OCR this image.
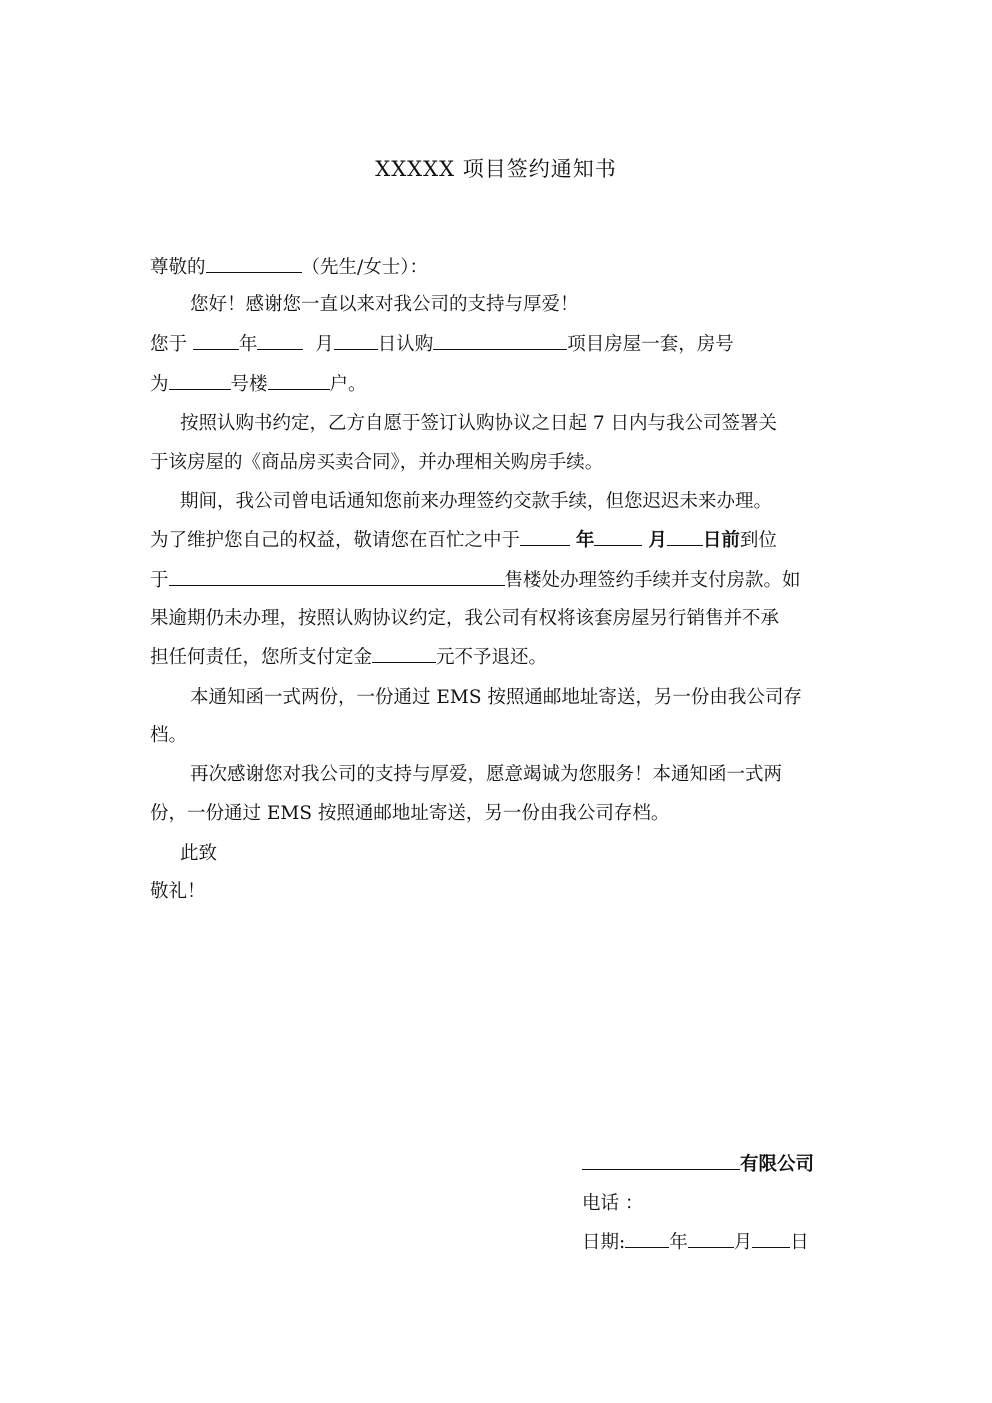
XXXXX 项目签约通知书
尊敬的	（先生/女士）：
您好！感谢您一直以来对我公司的支持与厚爱！
您于	年	月 日认购	项目房屋一套，房号
为	号楼	户。
按照认购书约定，乙方自愿于签订认购协议之日起 7 日内与我公司签署关
于该房屋的《商品房买卖合同》，并办理相关购房手续。
期间，我公司曾电话通知您前来办理签约交款手续，但您迟迟未来办理。
为了维护您自己的权益，敬请您在百忙之中于	年	月 日前到位
于	售楼处办理签约手续并支付房款。如
果逾期仍未办理，按照认购协议约定，我公司有权将该套房屋另行销售并不承
担任何责任，您所支付定金	元不予退还。
本通知函一式两份，一份通过 EMS 按照通邮地址寄送，另一份由我公司存
档。
再次感谢您对我公司的支持与厚爱，愿意竭诚为您服务！本通知函一式两
份，一份通过 EMS 按照通邮地址寄送，另一份由我公司存档。
此致
敬礼！
有限公司
电话 ：
日期: 年 月 日
